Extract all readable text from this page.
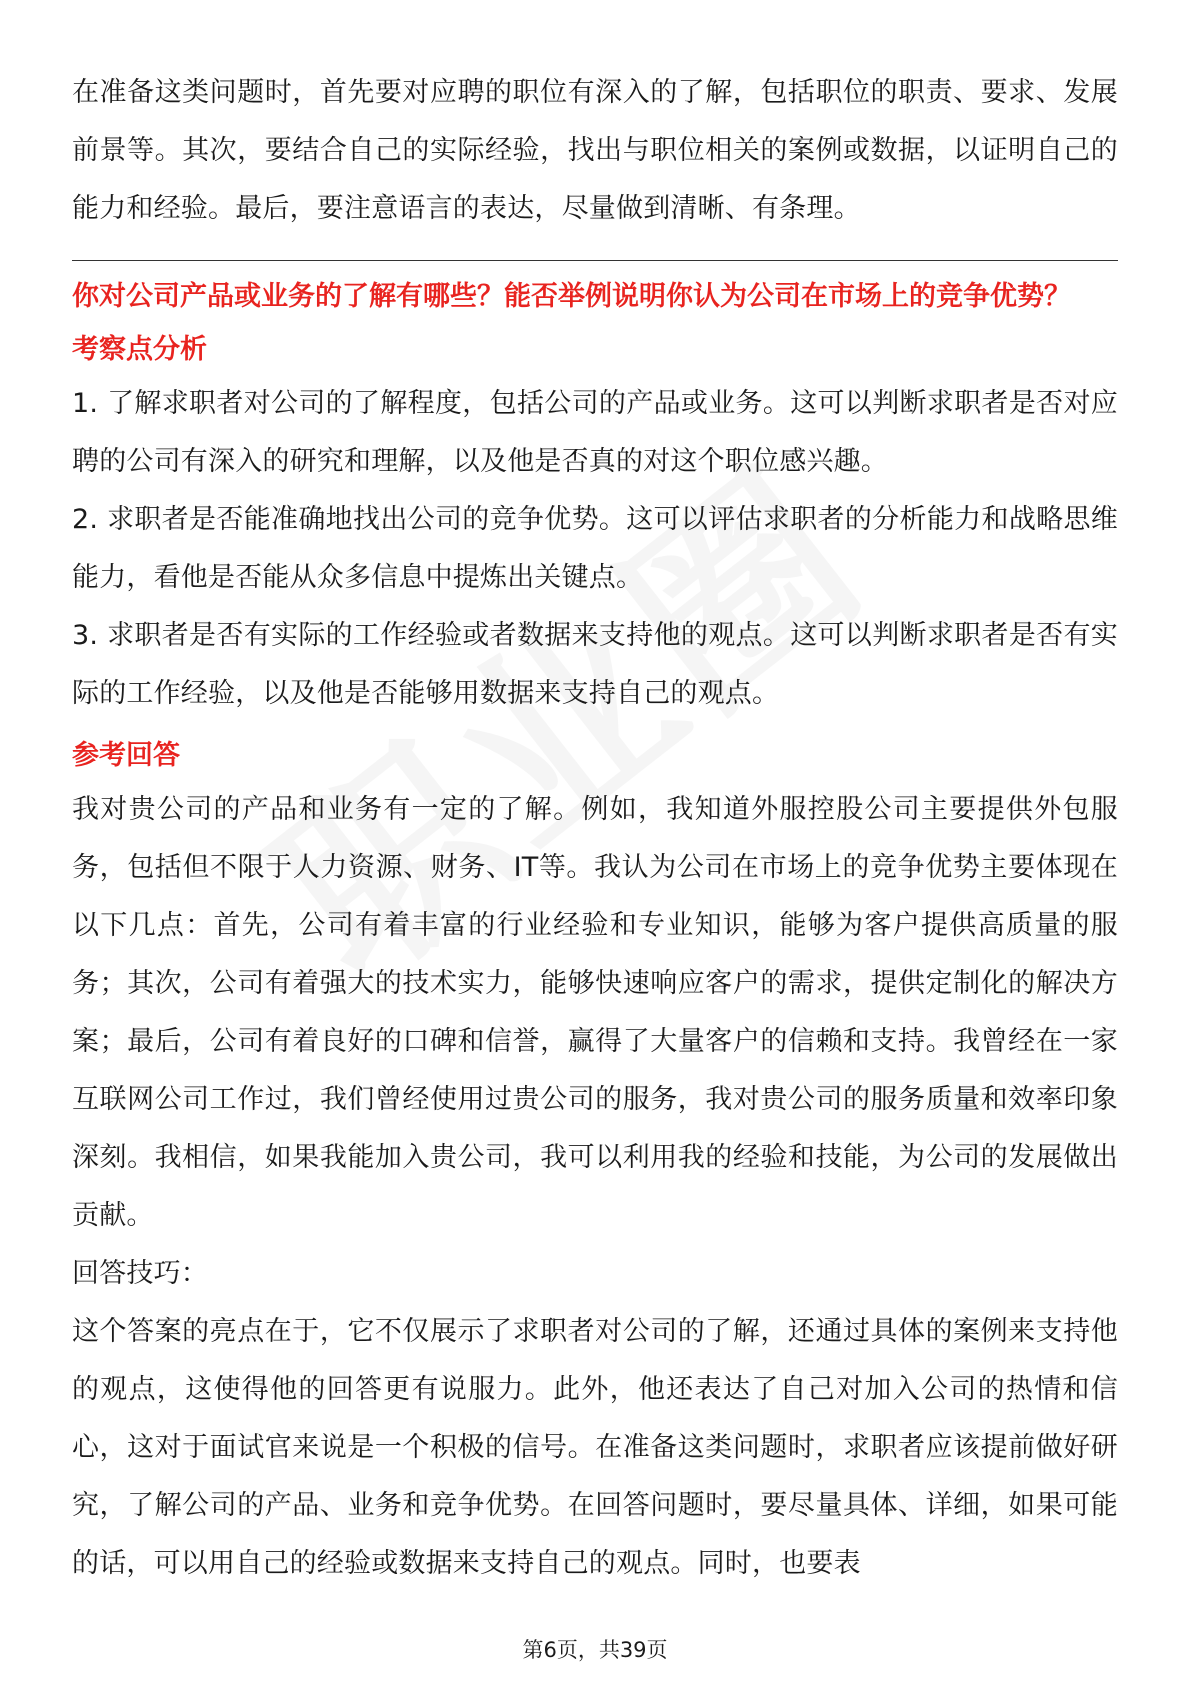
在准备这类问题时，首先要对应聘的职位有深入的了解，包括职位的职责、要求、发展前景等。其次，要结合自己的实际经验，找出与职位相关的案例或数据，以证明自己的能力和经验。最后，要注意语言的表达，尽量做到清晰、有条理。

你对公司产品或业务的了解有哪些？能否举例说明你认为公司在市场上的竞争优势？

考察点分析

1. 了解求职者对公司的了解程度，包括公司的产品或业务。这可以判断求职者是否对应聘的公司有深入的研究和理解，以及他是否真的对这个职位感兴趣。

2. 求职者是否能准确地找出公司的竞争优势。这可以评估求职者的分析能力和战略思维能力，看他是否能从众多信息中提炼出关键点。

3. 求职者是否有实际的工作经验或者数据来支持他的观点。这可以判断求职者是否有实际的工作经验，以及他是否能够用数据来支持自己的观点。

参考回答

我对贵公司的产品和业务有一定的了解。例如，我知道外服控股公司主要提供外包服务，包括但不限于人力资源、财务、IT等。我认为公司在市场上的竞争优势主要体现在以下几点：首先，公司有着丰富的行业经验和专业知识，能够为客户提供高质量的服务；其次，公司有着强大的技术实力，能够快速响应客户的需求，提供定制化的解决方案；最后，公司有着良好的口碑和信誉，赢得了大量客户的信赖和支持。我曾经在一家互联网公司工作过，我们曾经使用过贵公司的服务，我对贵公司的服务质量和效率印象深刻。我相信，如果我能加入贵公司，我可以利用我的经验和技能，为公司的发展做出贡献。

回答技巧：

这个答案的亮点在于，它不仅展示了求职者对公司的了解，还通过具体的案例来支持他的观点，这使得他的回答更有说服力。此外，他还表达了自己对加入公司的热情和信心，这对于面试官来说是一个积极的信号。在准备这类问题时，求职者应该提前做好研究，了解公司的产品、业务和竞争优势。在回答问题时，要尽量具体、详细，如果可能的话，可以用自己的经验或数据来支持自己的观点。同时，也要表

第6页，共39页
